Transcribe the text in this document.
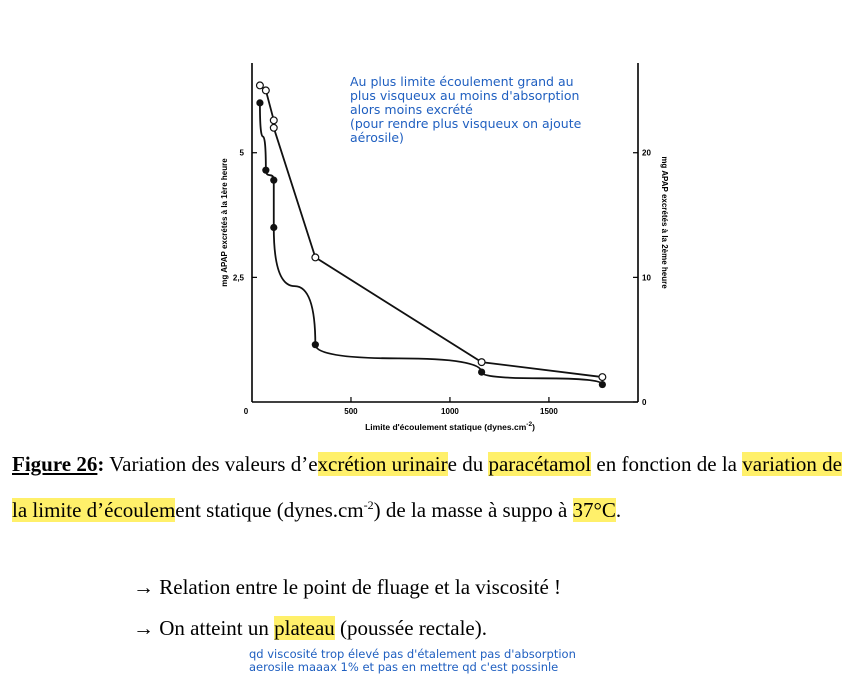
0	500	1000	1500
2,5
5
0
10
20
Limite d'écoulement statique $(dynes.cm^{-2})$
mg APAP excrétés à la 1ère heure	mg APAP excrétés à la 2ème heure
Au plus limite écoulement grand au
plus visqueux au moins d'absorption
alors moins excrété
(pour rendre plus visqueux on ajoute
aérosile)
Figure 26: Variation des valeurs d’excrétion urinaire du paracétamol en fonction de la variation de la limite d’écoulement statique $(dynes.cm^{-2})$ de la masse à suppo à 37°C.
→ Relation entre le point de fluage et la viscosité !
→ On atteint un plateau (poussée rectale).
qd viscosité trop élevé pas d'étalement pas d'absorption
aerosile maaax 1% et pas en mettre qd c'est possinle
